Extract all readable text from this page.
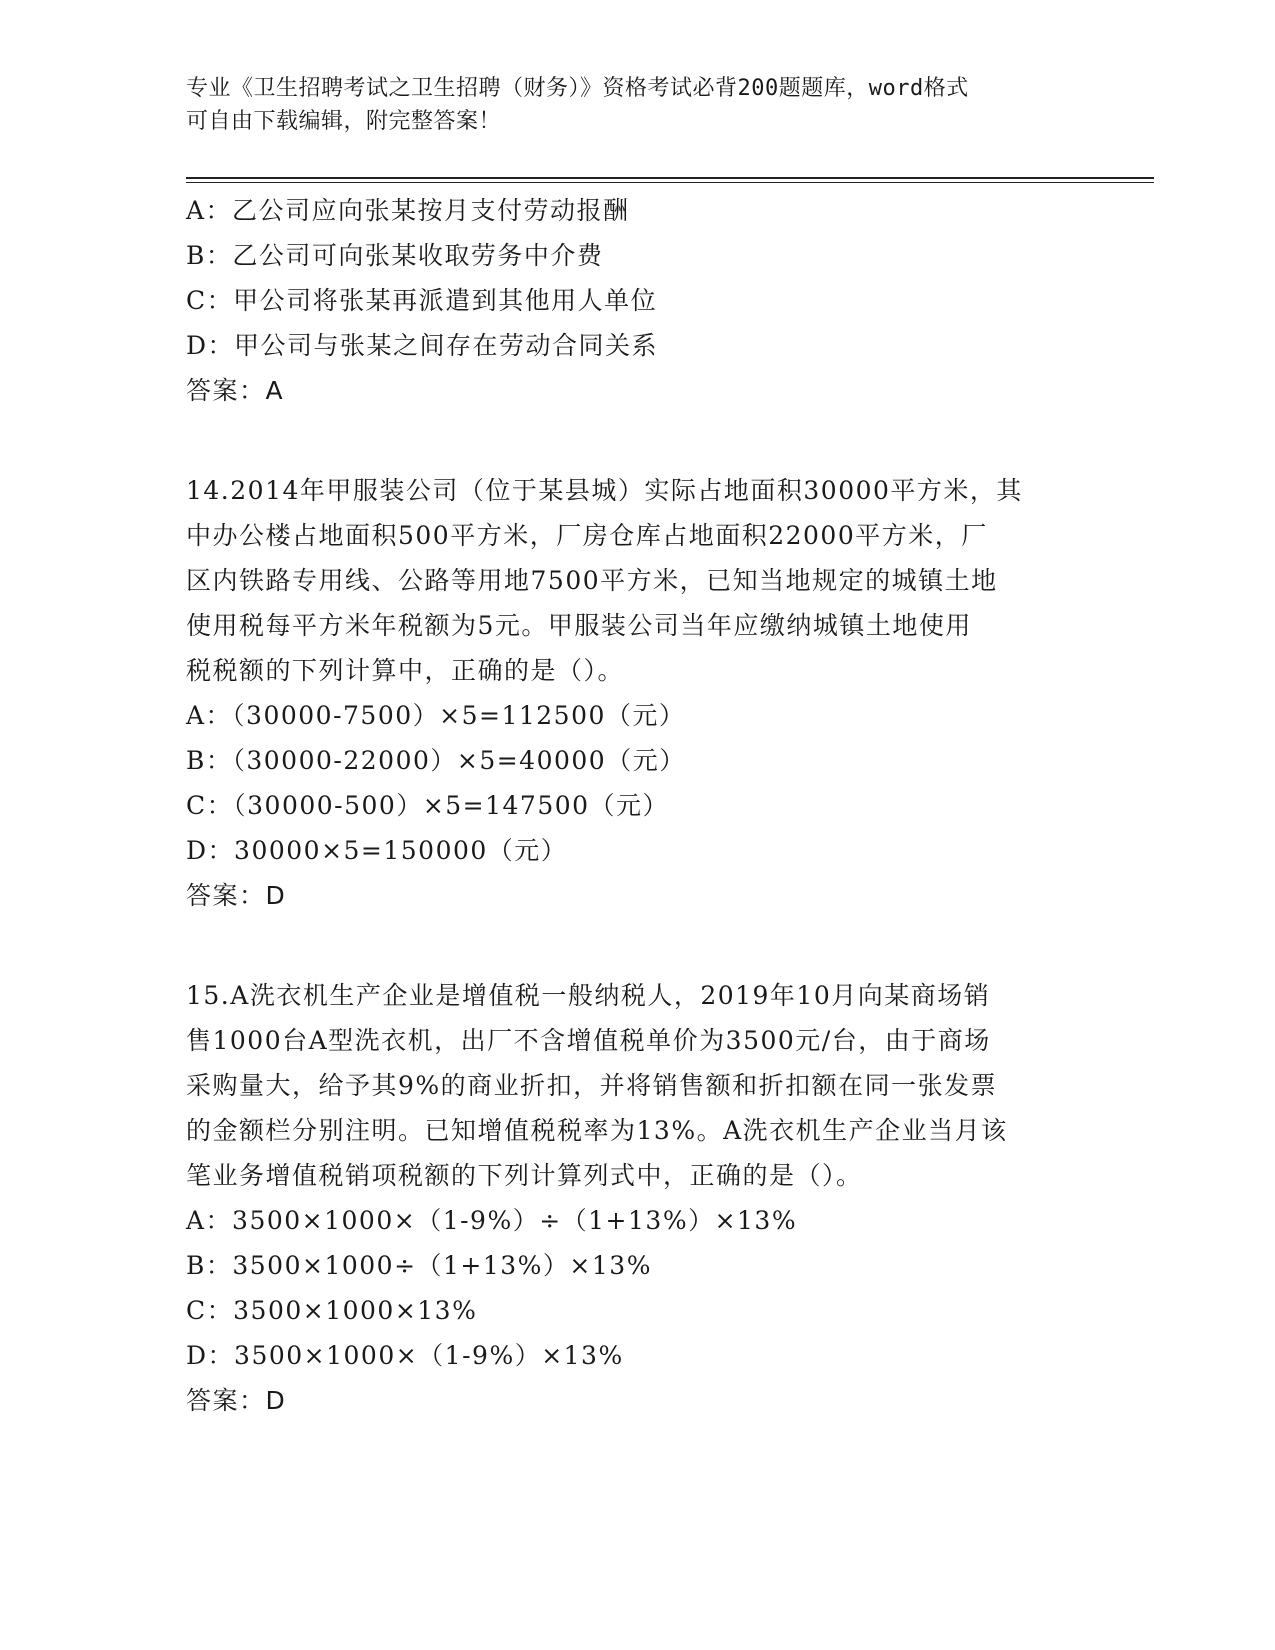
专业《卫生招聘考试之卫生招聘（财务）》资格考试必背200题题库，word格式
可自由下载编辑，附完整答案！
A：乙公司应向张某按月支付劳动报酬
B：乙公司可向张某收取劳务中介费
C：甲公司将张某再派遣到其他用人单位
D：甲公司与张某之间存在劳动合同关系
答案：A
14.2014年甲服装公司（位于某县城）实际占地面积30000平方米，其
中办公楼占地面积500平方米，厂房仓库占地面积22000平方米，厂
区内铁路专用线、公路等用地7500平方米，已知当地规定的城镇土地
使用税每平方米年税额为5元。甲服装公司当年应缴纳城镇土地使用
税税额的下列计算中，正确的是（）。
A：（30000-7500）×5=112500（元）
B：（30000-22000）×5=40000（元）
C：（30000-500）×5=147500（元）
D：30000×5=150000（元）
答案：D
15.A洗衣机生产企业是增值税一般纳税人，2019年10月向某商场销
售1000台A型洗衣机，出厂不含增值税单价为3500元/台，由于商场
采购量大，给予其9%的商业折扣，并将销售额和折扣额在同一张发票
的金额栏分别注明。已知增值税税率为13%。A洗衣机生产企业当月该
笔业务增值税销项税额的下列计算列式中，正确的是（）。
A：3500×1000×（1-9%）÷（1+13%）×13%
B：3500×1000÷（1+13%）×13%
C：3500×1000×13%
D：3500×1000×（1-9%）×13%
答案：D
